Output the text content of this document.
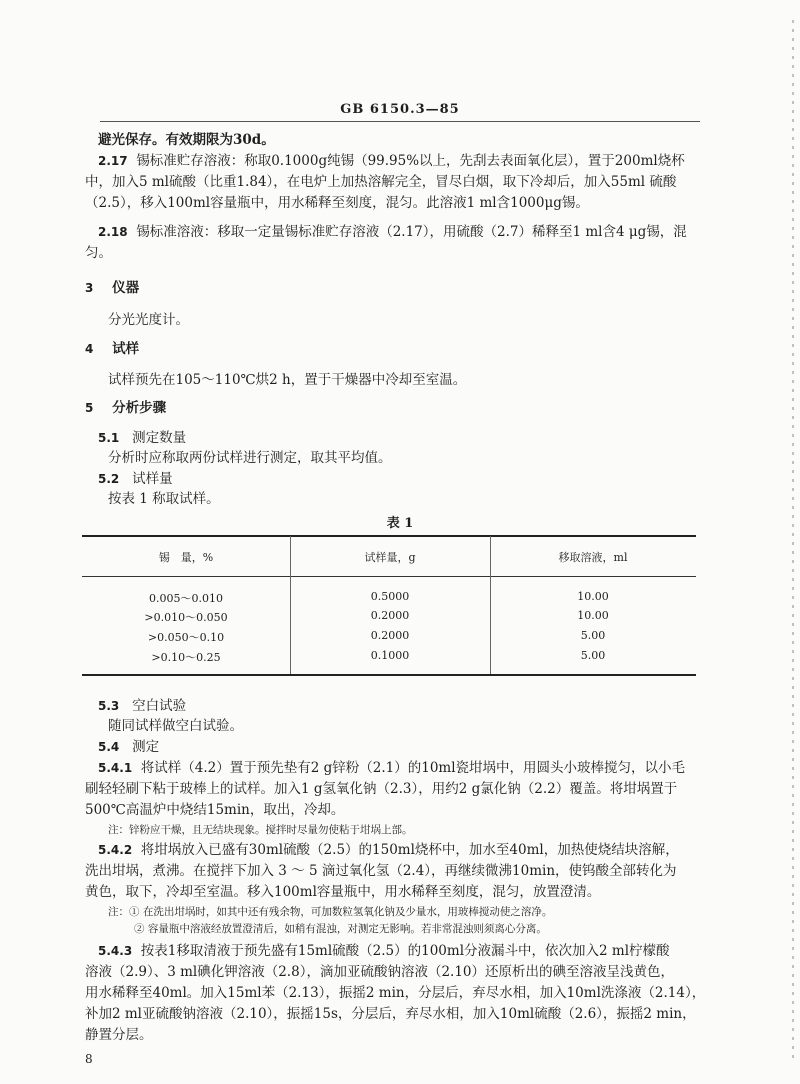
GB 6150.3—85
避光保存。有效期限为30d。
2.17 锡标准贮存溶液：称取0.1000g纯锡（99.95%以上，先刮去表面氧化层），置于200ml烧杯
中，加入5 ml硫酸（比重1.84），在电炉上加热溶解完全，冒尽白烟，取下冷却后，加入55ml 硫酸
（2.5），移入100ml容量瓶中，用水稀释至刻度，混匀。此溶液1 ml含1000μg锡。
2.18 锡标准溶液：移取一定量锡标准贮存溶液（2.17），用硫酸（2.7）稀释至1 ml含4 μg锡，混
匀。
3 仪器
分光光度计。
4 试样
试样预先在105～110℃烘2 h，置于干燥器中冷却至室温。
5 分析步骤
5.1 测定数量
分析时应称取两份试样进行测定，取其平均值。
5.2 试样量
按表 1 称取试样。
表 1
锡　量，%	试样量，g	移取溶液，ml
0.005～0.010	0.5000	10.00
>0.010～0.050	0.2000	10.00
>0.050～0.10	0.2000	5.00
>0.10～0.25	0.1000	5.00
5.3 空白试验
随同试样做空白试验。
5.4 测定
5.4.1 将试样（4.2）置于预先垫有2 g锌粉（2.1）的10ml瓷坩埚中，用圆头小玻棒搅匀，以小毛
刷轻轻刷下粘于玻棒上的试样。加入1 g氢氧化钠（2.3），用约2 g氯化钠（2.2）覆盖。将坩埚置于
500℃高温炉中烧结15min，取出，冷却。
注：锌粉应干燥，且无结块现象。搅拌时尽量勿使粘于坩埚上部。
5.4.2 将坩埚放入已盛有30ml硫酸（2.5）的150ml烧杯中，加水至40ml，加热使烧结块溶解，
洗出坩埚，煮沸。在搅拌下加入 3 ～ 5 滴过氧化氢（2.4），再继续微沸10min，使钨酸全部转化为
黄色，取下，冷却至室温。移入100ml容量瓶中，用水稀释至刻度，混匀，放置澄清。
注：① 在洗出坩埚时，如其中还有残余物，可加数粒氢氧化钠及少量水，用玻棒搅动使之溶净。
② 容量瓶中溶液经放置澄清后，如稍有混浊，对测定无影响。若非常混浊则须离心分离。
5.4.3 按表1移取清液于预先盛有15ml硫酸（2.5）的100ml分液漏斗中，依次加入2 ml柠檬酸
溶液（2.9）、3 ml碘化钾溶液（2.8），滴加亚硫酸钠溶液（2.10）还原析出的碘至溶液呈浅黄色，
用水稀释至40ml。加入15ml苯（2.13），振摇2 min，分层后，弃尽水相，加入10ml洗涤液（2.14），
补加2 ml亚硫酸钠溶液（2.10），振摇15s，分层后，弃尽水相，加入10ml硫酸（2.6），振摇2 min，
静置分层。
8
